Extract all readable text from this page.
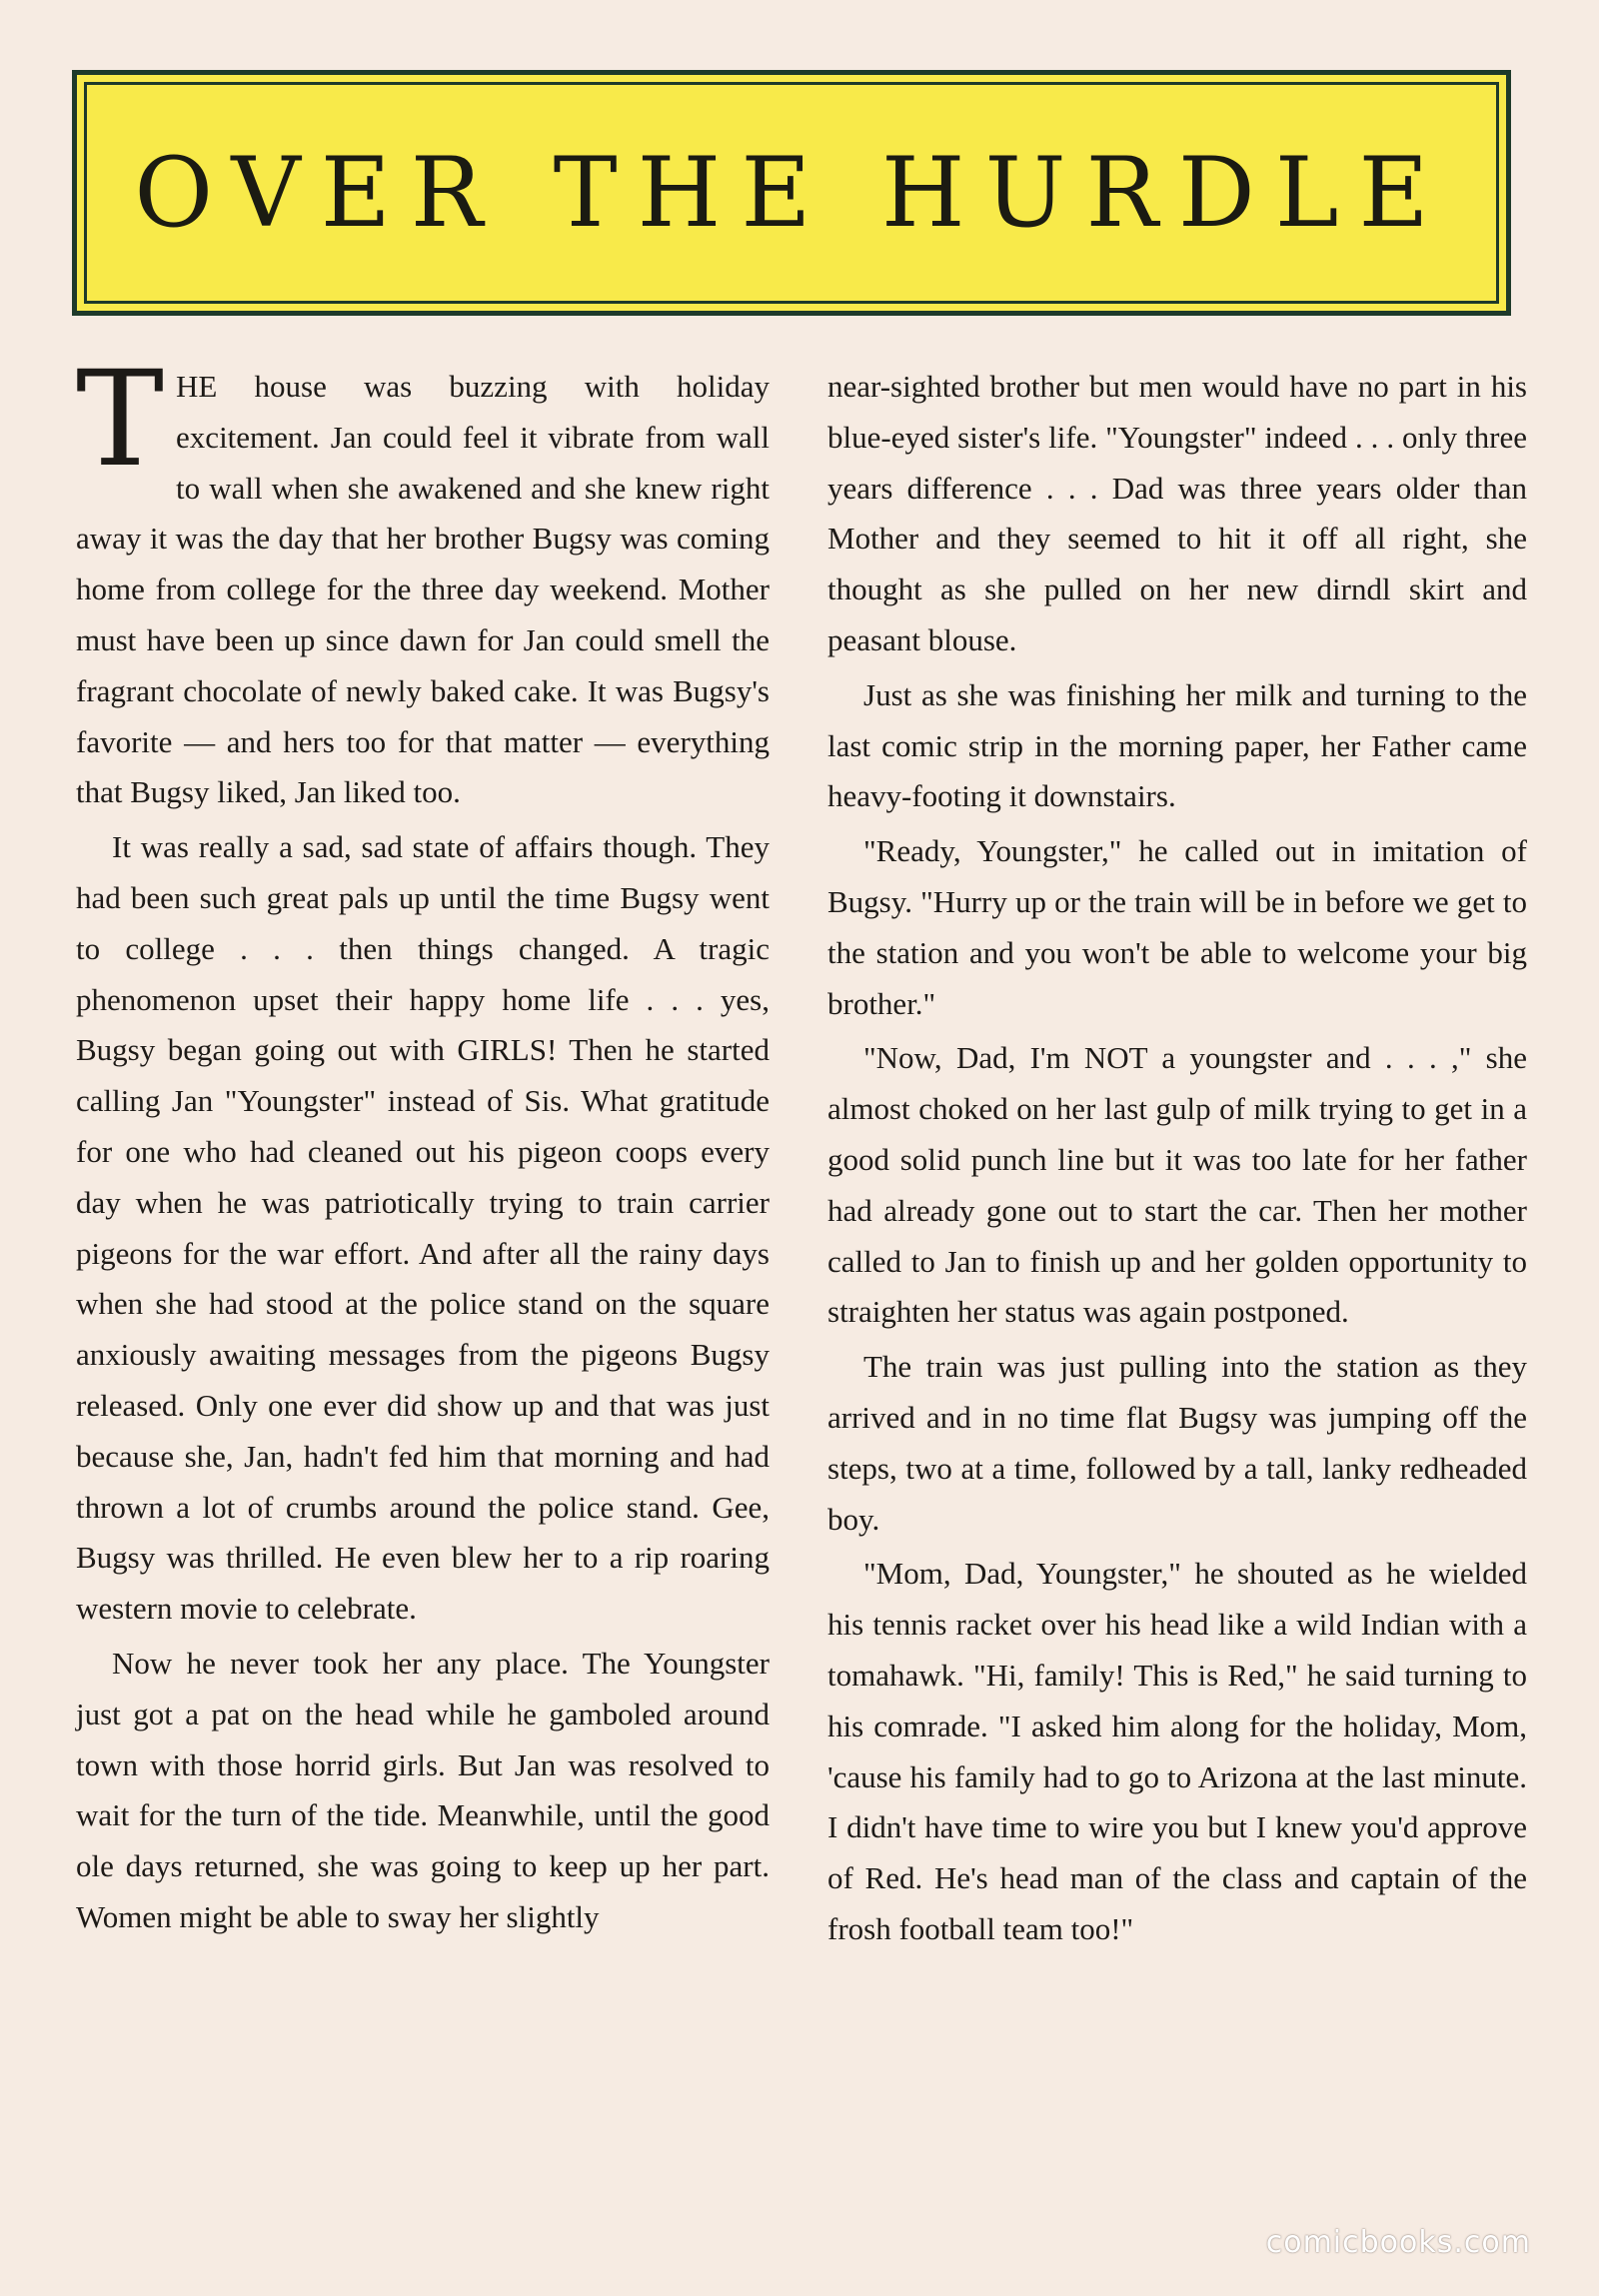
OVER THE HURDLE

THE house was buzzing with holiday excitement. Jan could feel it vibrate from wall to wall when she awakened and she knew right away it was the day that her brother Bugsy was coming home from college for the three day weekend. Mother must have been up since dawn for Jan could smell the fragrant chocolate of newly baked cake. It was Bugsy's favorite — and hers too for that matter — everything that Bugsy liked, Jan liked too.

It was really a sad, sad state of affairs though. They had been such great pals up until the time Bugsy went to college . . . then things changed. A tragic phenomenon upset their happy home life . . . yes, Bugsy began going out with GIRLS! Then he started calling Jan "Youngster" instead of Sis. What gratitude for one who had cleaned out his pigeon coops every day when he was patriotically trying to train carrier pigeons for the war effort. And after all the rainy days when she had stood at the police stand on the square anxiously awaiting messages from the pigeons Bugsy released. Only one ever did show up and that was just because she, Jan, hadn't fed him that morning and had thrown a lot of crumbs around the police stand. Gee, Bugsy was thrilled. He even blew her to a rip roaring western movie to celebrate.

Now he never took her any place. The Youngster just got a pat on the head while he gamboled around town with those horrid girls. But Jan was resolved to wait for the turn of the tide. Meanwhile, until the good ole days returned, she was going to keep up her part. Women might be able to sway her slightly

near-sighted brother but men would have no part in his blue-eyed sister's life. "Youngster" indeed . . . only three years difference . . . Dad was three years older than Mother and they seemed to hit it off all right, she thought as she pulled on her new dirndl skirt and peasant blouse.

Just as she was finishing her milk and turning to the last comic strip in the morning paper, her Father came heavy-footing it downstairs.

"Ready, Youngster," he called out in imitation of Bugsy. "Hurry up or the train will be in before we get to the station and you won't be able to welcome your big brother."

"Now, Dad, I'm NOT a youngster and . . . ," she almost choked on her last gulp of milk trying to get in a good solid punch line but it was too late for her father had already gone out to start the car. Then her mother called to Jan to finish up and her golden opportunity to straighten her status was again postponed.

The train was just pulling into the station as they arrived and in no time flat Bugsy was jumping off the steps, two at a time, followed by a tall, lanky redheaded boy.

"Mom, Dad, Youngster," he shouted as he wielded his tennis racket over his head like a wild Indian with a tomahawk. "Hi, family! This is Red," he said turning to his comrade. "I asked him along for the holiday, Mom, 'cause his family had to go to Arizona at the last minute. I didn't have time to wire you but I knew you'd approve of Red. He's head man of the class and captain of the frosh football team too!"

comicbooks.com
